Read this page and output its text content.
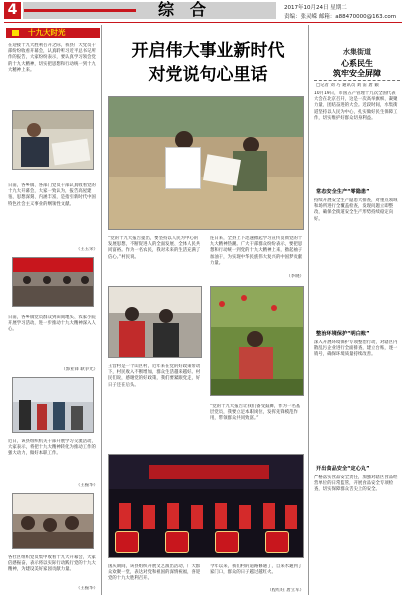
4	综　合	2017年10月24日 星期二
责编：张灵嵘 邮箱：a88470000@163.com
十九大时光
在迎接十九大胜利召开之际，我县广大党员干部纷纷收看开幕会，认真聆听习近平总书记所作的报告，大家纷纷表示，要认真学习领会党的十九大精神，切实把思想和行动统一到十九大精神上来。
日前，各乡镇、各部门党员干部认真收看党的十九大开幕会，大家一致认为，报告高屋建瓴、思想深刻、内涵丰富，是指引新时代中国特色社会主义事业的纲领性文献。
（王玉荣）
日前，各乡镇党员群众到田间地头、农家小院开展学习活动，进一步推动十九大精神深入人心。
（郭亚锋 耿争光）
近日，该县组织机关干部开展学习交流活动，大家表示，将把十九大精神转化为推动工作的强大动力，做好本职工作。
（王振华）
各社区组织党员集中收看十九大开幕会，大家倍感振奋，表示将以实际行动践行党的十九大精神，为建设美好家园贡献力量。
（王振华）
开启伟大事业新时代
对党说句心里话
“党的十九大报告提出，要坚持以人民为中心的发展思想，不断促进人的全面发展、全体人民共同富裕。作为一名农民，我对未来的生活充满了信心。”村民说。
连日来，全县上下迅速掀起学习宣传贯彻党的十九大精神热潮。广大干部群众纷纷表示，要把思想和行动统一到党的十九大精神上来，撸起袖子加油干，为实现中华民族伟大复兴的中国梦贡献力量。
（李晓）
王营村是一个山区村，近年来在党的好政策带动下，村民收入不断增加，群众生活越来越好。村民们说，感谢党的好政策，我们要紧跟党走，好日子还在后头。
“党的十九大报告让我们备受鼓舞，作为一名基层党员，我要立足本职岗位，发挥先锋模范作用，带领群众共同致富。”
国庆期间，该县组织开展文艺演出活动，广大群众欢聚一堂，表达对党和祖国的深情祝福，喜迎党的十九大胜利召开。
今年以来，我们村的道路修通了，自来水通到了家门口，群众的日子越过越红火。
（程红旺 唐立军）
水集街道
心系民生
筑牢安全屏障
□记者 刘 巧 通讯员 刘 雷 唐 颖
10月19日，市国五产管理十九次全国代表大会在北京召开，这是一次高举旗帜、凝聚力量、团结奋进的大会。近段时间，水集街道坚持以人民为中心，扎实做好民生保障工作，切实维护好群众切身利益。
常态安全生产“零隐患”
持续开展安全生产隐患大排查，对重点领域和场所进行全覆盖检查，发现问题立即整改，确保全街道安全生产形势持续稳定向好。
整治环境保护“明白账”
深入开展环境保护专项整治行动，对辖区内散乱污企业进行全面排查，建立台账，逐一销号，确保环境质量持续改善。
开出食品安全“定心丸”
严格落实食品安全责任，加强对辖区食品经营单位的日常监管，开展食品安全专项检查，切实保障群众舌尖上的安全。
